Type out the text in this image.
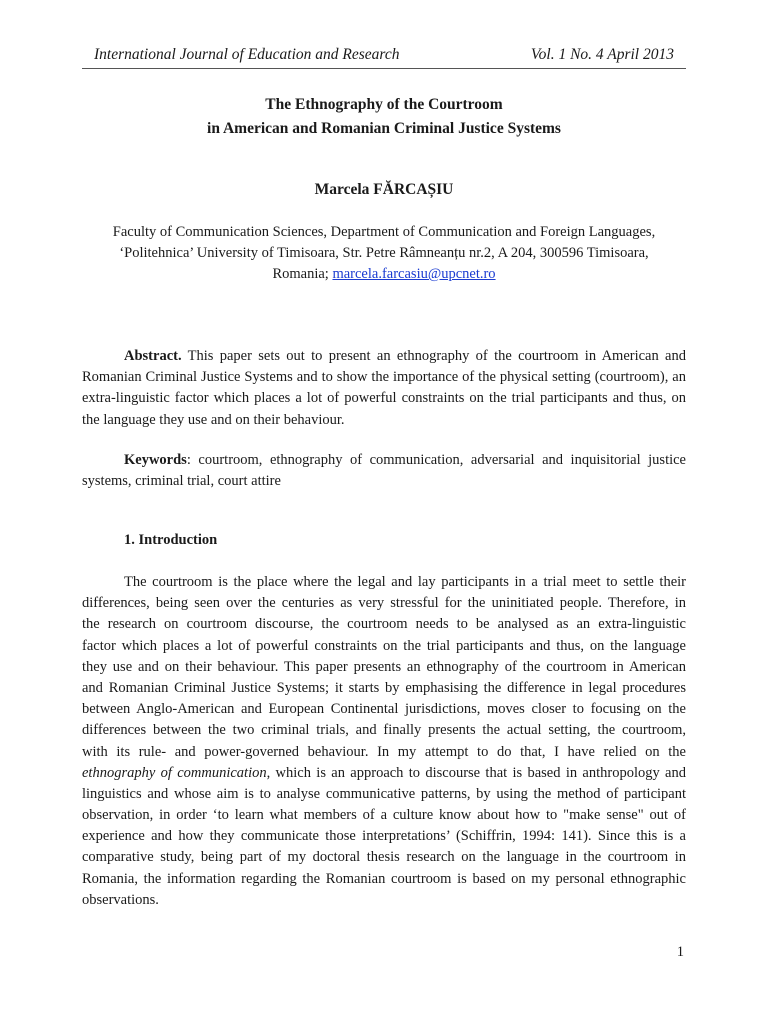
International Journal of Education and Research	Vol. 1 No. 4 April 2013
The Ethnography of the Courtroom
in American and Romanian Criminal Justice Systems
Marcela FĂRCAȘIU
Faculty of Communication Sciences, Department of Communication and Foreign Languages,
‘Politehnica’ University of Timisoara, Str. Petre Râmneanțu nr.2, A 204, 300596 Timisoara,
Romania; marcela.farcasiu@upcnet.ro
Abstract. This paper sets out to present an ethnography of the courtroom in American and Romanian Criminal Justice Systems and to show the importance of the physical setting (courtroom), an extra-linguistic factor which places a lot of powerful constraints on the trial participants and thus, on the language they use and on their behaviour.
Keywords: courtroom, ethnography of communication, adversarial and inquisitorial justice systems, criminal trial, court attire
1. Introduction
The courtroom is the place where the legal and lay participants in a trial meet to settle their
differences, being seen over the centuries as very stressful for the uninitiated people. Therefore, in
the research on courtroom discourse, the courtroom needs to be analysed as an extra-linguistic
factor which places a lot of powerful constraints on the trial participants and thus, on the language
they use and on their behaviour. This paper presents an ethnography of the courtroom in American
and Romanian Criminal Justice Systems; it starts by emphasising the difference in legal procedures
between Anglo-American and European Continental jurisdictions, moves closer to focusing on the
differences between the two criminal trials, and finally presents the actual setting, the courtroom,
with its rule- and power-governed behaviour. In my attempt to do that, I have relied on the
ethnography of communication, which is an approach to discourse that is based in anthropology and
linguistics and whose aim is to analyse communicative patterns, by using the method of participant
observation, in order ‘to learn what members of a culture know about how to "make sense" out of
experience and how they communicate those interpretations’ (Schiffrin, 1994: 141). Since this is a
comparative study, being part of my doctoral thesis research on the language in the courtroom in
Romania, the information regarding the Romanian courtroom is based on my personal ethnographic
observations.
1
